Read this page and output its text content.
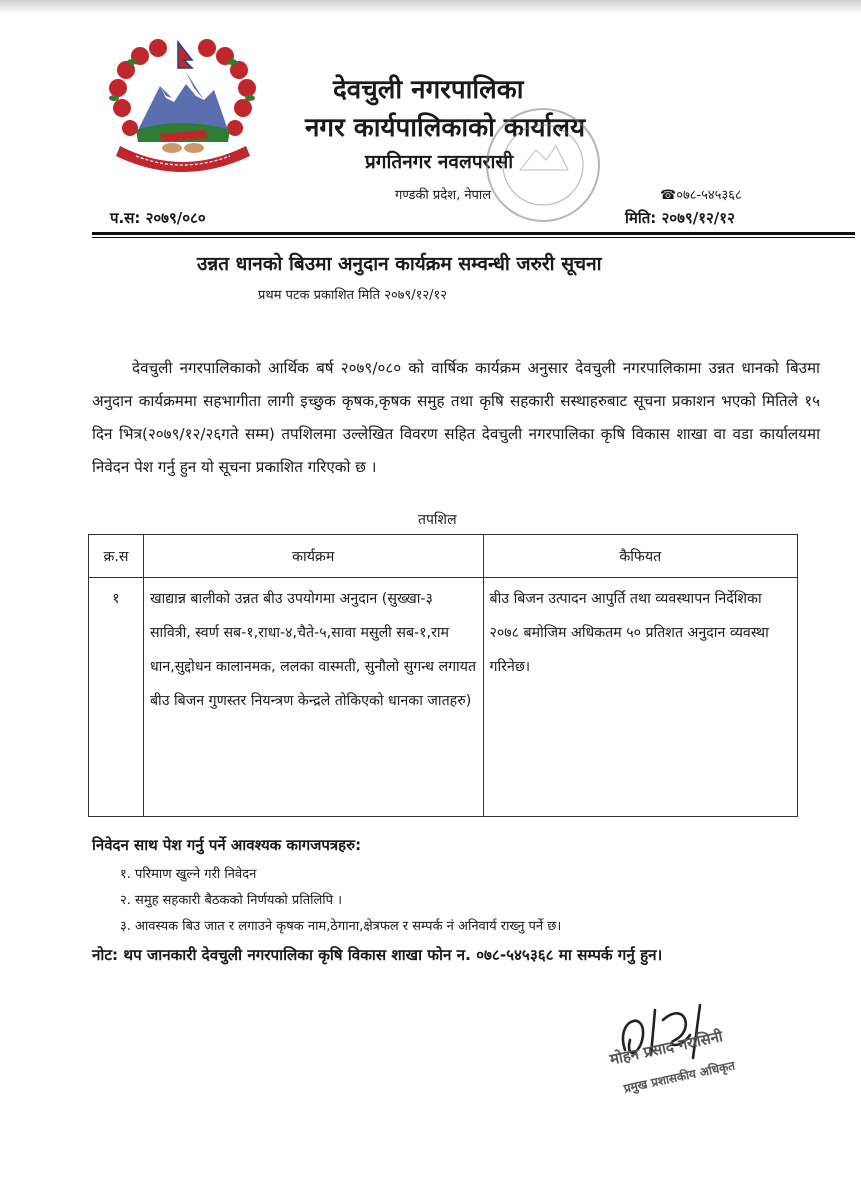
देवचुली नगरपालिका
नगर कार्यपालिकाको कार्यालय
प्रगतिनगर नवलपरासी
गण्डकी प्रदेश, नेपाल	☎०७८-५४५३६८
प.स: २०७९/०८०	मिति: २०७९/१२/१२
उन्नत धानको बिउमा अनुदान कार्यक्रम सम्वन्धी जरुरी सूचना
प्रथम पटक प्रकाशित मिति २०७९/१२/१२
देवचुली नगरपालिकाको आर्थिक बर्ष २०७९/०८० को वार्षिक कार्यक्रम अनुसार देवचुली नगरपालिकामा उन्नत धानको बिउमा अनुदान कार्यक्रममा सहभागीता लागी इच्छुक कृषक,कृषक समुह तथा कृषि सहकारी सस्थाहरुबाट सूचना प्रकाशन भएको मितिले १५ दिन भित्र(२०७९/१२/२६गते सम्म) तपशिलमा उल्लेखित विवरण सहित देवचुली नगरपालिका कृषि विकास शाखा वा वडा कार्यालयमा निवेदन पेश गर्नु हुन यो सूचना प्रकाशित गरिएको छ ।
तपशिल
क्र.स	कार्यक्रम	कैफियत
१	खाद्यान्न बालीको उन्नत बीउ उपयोगमा अनुदान (सुख्खा-३ सावित्री, स्वर्ण सब-१,राधा-४,चैते-५,सावा मसुली सब-१,राम धान,सुद्दोधन कालानमक, ललका वास्मती, सुनौलो सुगन्ध लगायत बीउ बिजन गुणस्तर नियन्त्रण केन्द्रले तोकिएको धानका जातहरु)	बीउ बिजन उत्पादन आपुर्ति तथा व्यवस्थापन निर्देशिका २०७८ बमोजिम अधिकतम ५० प्रतिशत अनुदान व्यवस्था गरिनेछ।
निवेदन साथ पेश गर्नु पर्ने आवश्यक कागजपत्रहरु:
१. परिमाण खुल्ने गरी निवेदन
२. समुह सहकारी बैठकको निर्णयको प्रतिलिपि ।
३. आवस्यक बिउ जात र लगाउने कृषक नाम,ठेगाना,क्षेत्रफल र सम्पर्क नं अनिवार्य राख्नु पर्ने छ।
नोट: थप जानकारी देवचुली नगरपालिका कृषि विकास शाखा फोन न. ०७८-५४५३६८ मा सम्पर्क गर्नु हुन।
मोहन प्रसाद गरासिनी
प्रमुख प्रशासकीय अधिकृत
